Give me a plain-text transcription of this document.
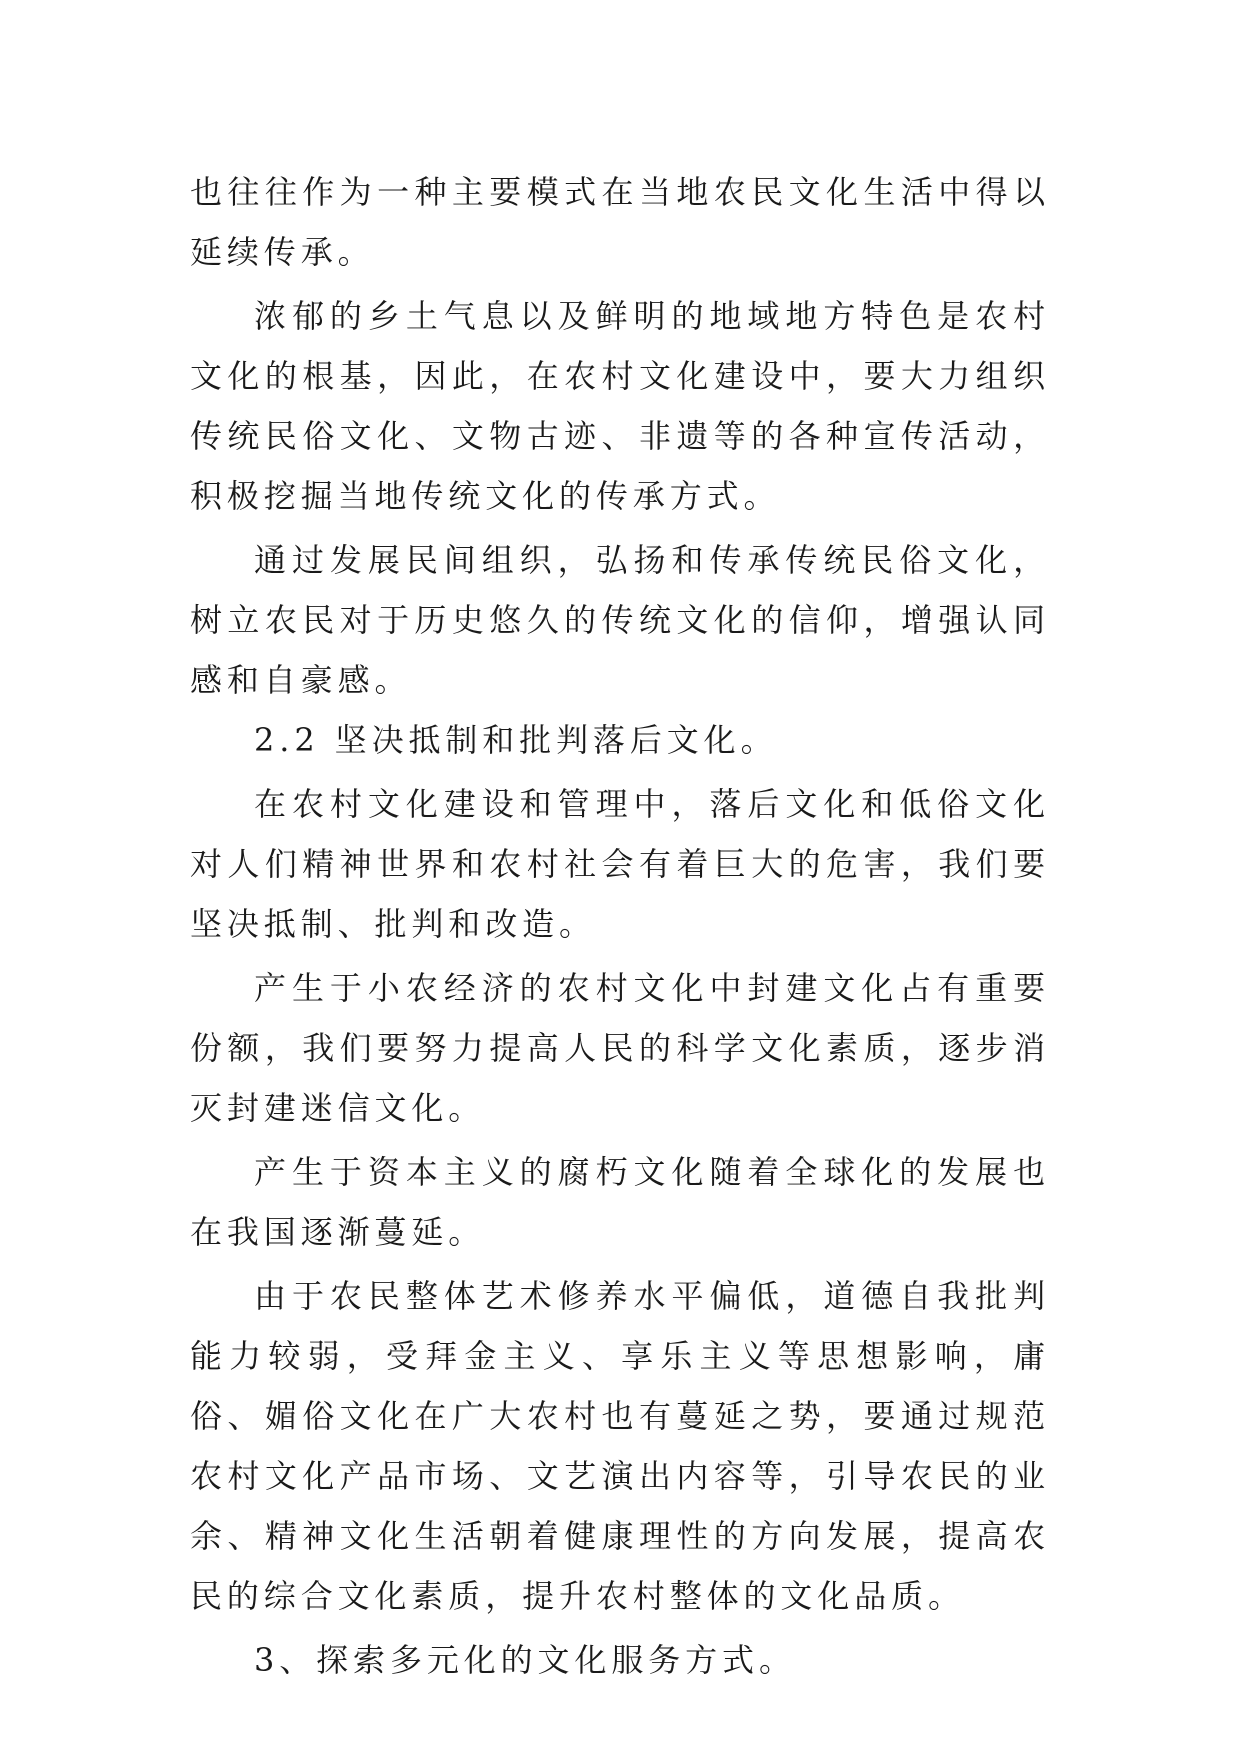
也往往作为一种主要模式在当地农民文化生活中得以延续传承。

浓郁的乡土气息以及鲜明的地域地方特色是农村文化的根基，因此，在农村文化建设中，要大力组织传统民俗文化、文物古迹、非遗等的各种宣传活动，积极挖掘当地传统文化的传承方式。

通过发展民间组织，弘扬和传承传统民俗文化，树立农民对于历史悠久的传统文化的信仰，增强认同感和自豪感。

2.2 坚决抵制和批判落后文化。

在农村文化建设和管理中，落后文化和低俗文化对人们精神世界和农村社会有着巨大的危害，我们要坚决抵制、批判和改造。

产生于小农经济的农村文化中封建文化占有重要份额，我们要努力提高人民的科学文化素质，逐步消灭封建迷信文化。

产生于资本主义的腐朽文化随着全球化的发展也在我国逐渐蔓延。

由于农民整体艺术修养水平偏低，道德自我批判能力较弱，受拜金主义、享乐主义等思想影响，庸俗、媚俗文化在广大农村也有蔓延之势，要通过规范农村文化产品市场、文艺演出内容等，引导农民的业余、精神文化生活朝着健康理性的方向发展，提高农民的综合文化素质，提升农村整体的文化品质。

3、探索多元化的文化服务方式。
